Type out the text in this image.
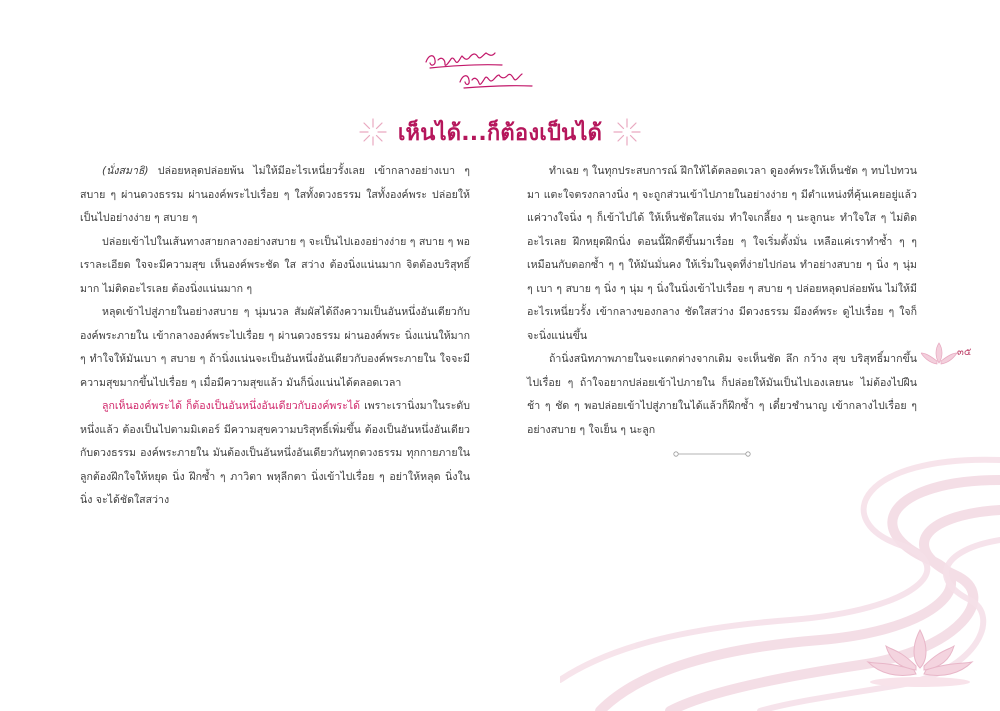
เห็นได้...ก็ต้องเป็นได้

(นั่งสมาธิ) ปล่อยหลุดปล่อยพ้น ไม่ให้มีอะไรเหนี่ยวรั้งเลย เข้ากลางอย่างเบา ๆ สบาย ๆ ผ่านดวงธรรม ผ่านองค์พระไปเรื่อย ๆ ใสทั้งดวงธรรม ใสทั้งองค์พระ ปล่อยให้เป็นไปอย่างง่าย ๆ สบาย ๆ

ปล่อยเข้าไปในเส้นทางสายกลางอย่างสบาย ๆ จะเป็นไปเองอย่างง่าย ๆ สบาย ๆ พอเราละเอียด ใจจะมีความสุข เห็นองค์พระชัด ใส สว่าง ต้องนิ่งแน่นมาก จิตต้องบริสุทธิ์มาก ไม่ติดอะไรเลย ต้องนิ่งแน่นมาก ๆ

หลุดเข้าไปสู่ภายในอย่างสบาย ๆ นุ่มนวล สัมผัสได้ถึงความเป็นอันหนึ่งอันเดียวกับองค์พระภายใน เข้ากลางองค์พระไปเรื่อย ๆ ผ่านดวงธรรม ผ่านองค์พระ นิ่งแน่นให้มาก ๆ ทำใจให้มันเบา ๆ สบาย ๆ ถ้านิ่งแน่นจะเป็นอันหนึ่งอันเดียวกับองค์พระภายใน ใจจะมีความสุขมากขึ้นไปเรื่อย ๆ เมื่อมีความสุขแล้ว มันก็นิ่งแน่นได้ตลอดเวลา

ลูกเห็นองค์พระได้ ก็ต้องเป็นอันหนึ่งอันเดียวกับองค์พระได้ เพราะเรานิ่งมาในระดับหนึ่งแล้ว ต้องเป็นไปตามมิเตอร์ มีความสุขความบริสุทธิ์เพิ่มขึ้น ต้องเป็นอันหนึ่งอันเดียวกับดวงธรรม องค์พระภายใน มันต้องเป็นอันหนึ่งอันเดียวกันทุกดวงธรรม ทุกกายภายใน ลูกต้องฝึกใจให้หยุด นิ่ง ฝึกซ้ำ ๆ ภาวิตา พหุลีกตา นิ่งเข้าไปเรื่อย ๆ อย่าให้หลุด นิ่งในนิ่ง จะได้ชัดใสสว่าง

ทำเฉย ๆ ในทุกประสบการณ์ ฝึกให้ได้ตลอดเวลา ดูองค์พระให้เห็นชัด ๆ ทบไปทวนมา แตะใจตรงกลางนิ่ง ๆ จะถูกส่วนเข้าไปภายในอย่างง่าย ๆ มีตำแหน่งที่คุ้นเคยอยู่แล้ว แค่วางใจนิ่ง ๆ ก็เข้าไปได้ ให้เห็นชัดใสแจ่ม ทำใจเกลี้ยง ๆ นะลูกนะ ทำใจใส ๆ ไม่ติดอะไรเลย ฝึกหยุดฝึกนิ่ง ตอนนี้ฝึกดีขึ้นมาเรื่อย ๆ ใจเริ่มตั้งมั่น เหลือแค่เราทำซ้ำ ๆ ๆ เหมือนกับตอกซ้ำ ๆ ๆ ให้มันมั่นคง ให้เริ่มในจุดที่ง่ายไปก่อน ทำอย่างสบาย ๆ นิ่ง ๆ นุ่ม ๆ เบา ๆ สบาย ๆ นิ่ง ๆ นุ่ม ๆ นิ่งในนิ่งเข้าไปเรื่อย ๆ สบาย ๆ ปล่อยหลุดปล่อยพ้น ไม่ให้มีอะไรเหนี่ยวรั้ง เข้ากลางของกลาง ชัดใสสว่าง มีดวงธรรม มีองค์พระ ดูไปเรื่อย ๆ ใจก็จะนิ่งแน่นขึ้น

ถ้านิ่งสนิทภาพภายในจะแตกต่างจากเดิม จะเห็นชัด ลึก กว้าง สุข บริสุทธิ์มากขึ้นไปเรื่อย ๆ ถ้าใจอยากปล่อยเข้าไปภายใน ก็ปล่อยให้มันเป็นไปเองเลยนะ ไม่ต้องไปฝืน ช้า ๆ ชัด ๆ พอปล่อยเข้าไปสู่ภายในได้แล้วก็ฝึกซ้ำ ๆ เดี๋ยวชำนาญ เข้ากลางไปเรื่อย ๆ อย่างสบาย ๆ ใจเย็น ๆ นะลูก

๓๕
